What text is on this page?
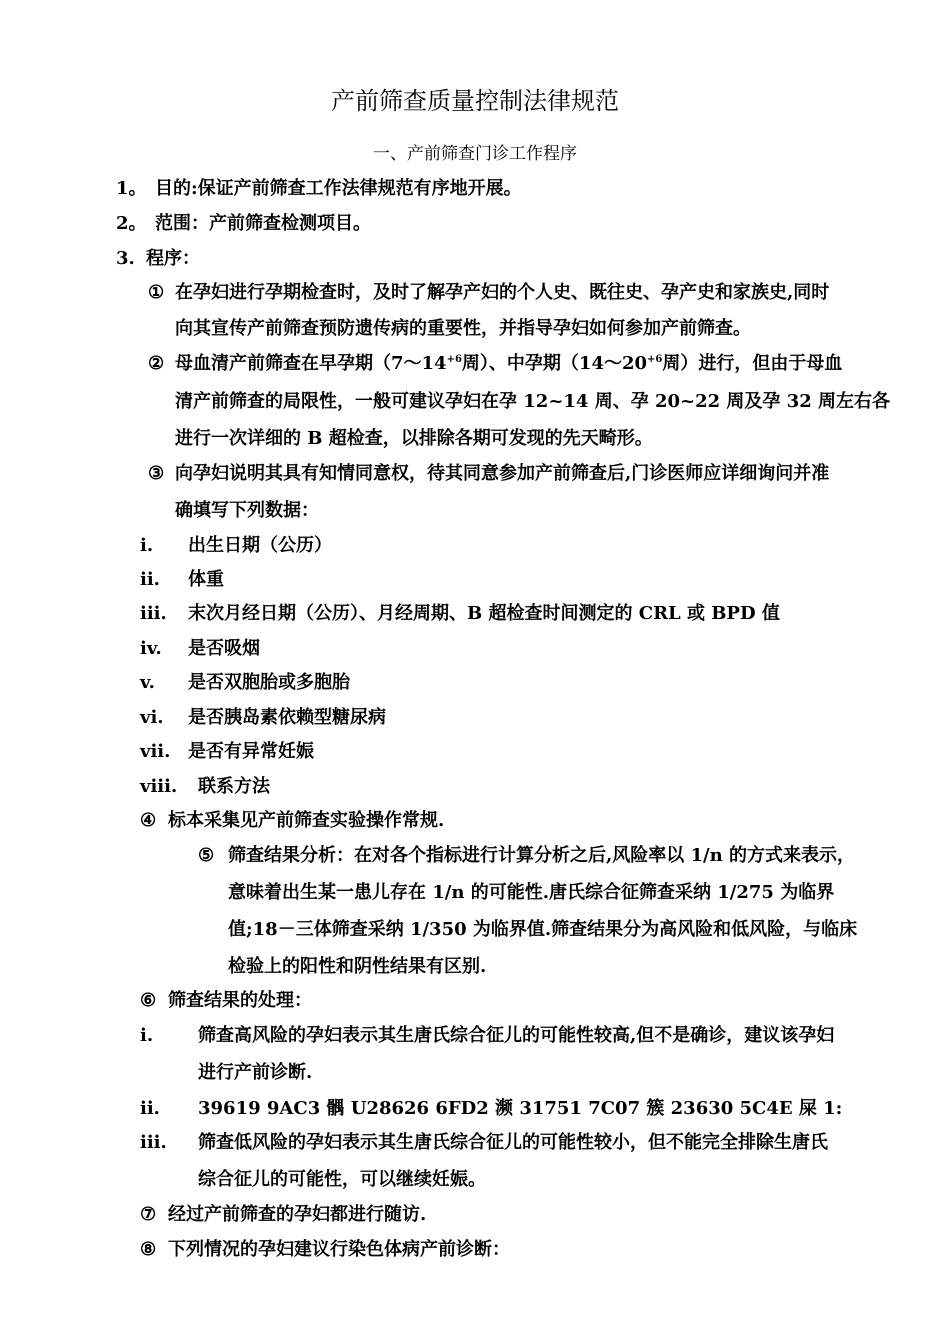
产前筛查质量控制法律规范
一、产前筛查门诊工作程序
1。 目的:保证产前筛查工作法律规范有序地开展。
2。 范围：产前筛查检测项目。
3. 程序：
① 在孕妇进行孕期检查时，及时了解孕产妇的个人史、既往史、孕产史和家族史,同时
向其宣传产前筛查预防遗传病的重要性，并指导孕妇如何参加产前筛查。
② 母血清产前筛查在早孕期（$7\sim 14^{+6}$周）、中孕期（$14\sim 20^{+6}$周）进行，但由于母血
清产前筛查的局限性，一般可建议孕妇在孕 12~14 周、孕 20~22 周及孕 32 周左右各
进行一次详细的 B 超检查，以排除各期可发现的先天畸形。
③ 向孕妇说明其具有知情同意权，待其同意参加产前筛查后,门诊医师应详细询问并准
确填写下列数据：
i. 出生日期（公历）
ii. 体重
iii. 末次月经日期（公历）、月经周期、B 超检查时间测定的 CRL 或 BPD 值
iv. 是否吸烟
v. 是否双胞胎或多胞胎
vi. 是否胰岛素依赖型糖尿病
vii. 是否有异常妊娠
viii. 联系方法
④ 标本采集见产前筛查实验操作常规.
⑤ 筛查结果分析：在对各个指标进行计算分析之后,风险率以 1/n 的方式来表示，
意味着出生某一患儿存在 1/n 的可能性.唐氏综合征筛查采纳 1/275 为临界
值;18－三体筛查采纳 1/350 为临界值.筛查结果分为高风险和低风险，与临床
检验上的阳性和阴性结果有区别.
⑥ 筛查结果的处理：
i. 筛查高风险的孕妇表示其生唐氏综合征儿的可能性较高,但不是确诊，建议该孕妇
进行产前诊断.
ii. 39619 9AC3 髃 U28626 6FD2 濒 31751 7C07 簇 23630 5C4E 屎 1:
iii. 筛查低风险的孕妇表示其生唐氏综合征儿的可能性较小，但不能完全排除生唐氏
综合征儿的可能性，可以继续妊娠。
⑦ 经过产前筛查的孕妇都进行随访.
⑧ 下列情况的孕妇建议行染色体病产前诊断：
